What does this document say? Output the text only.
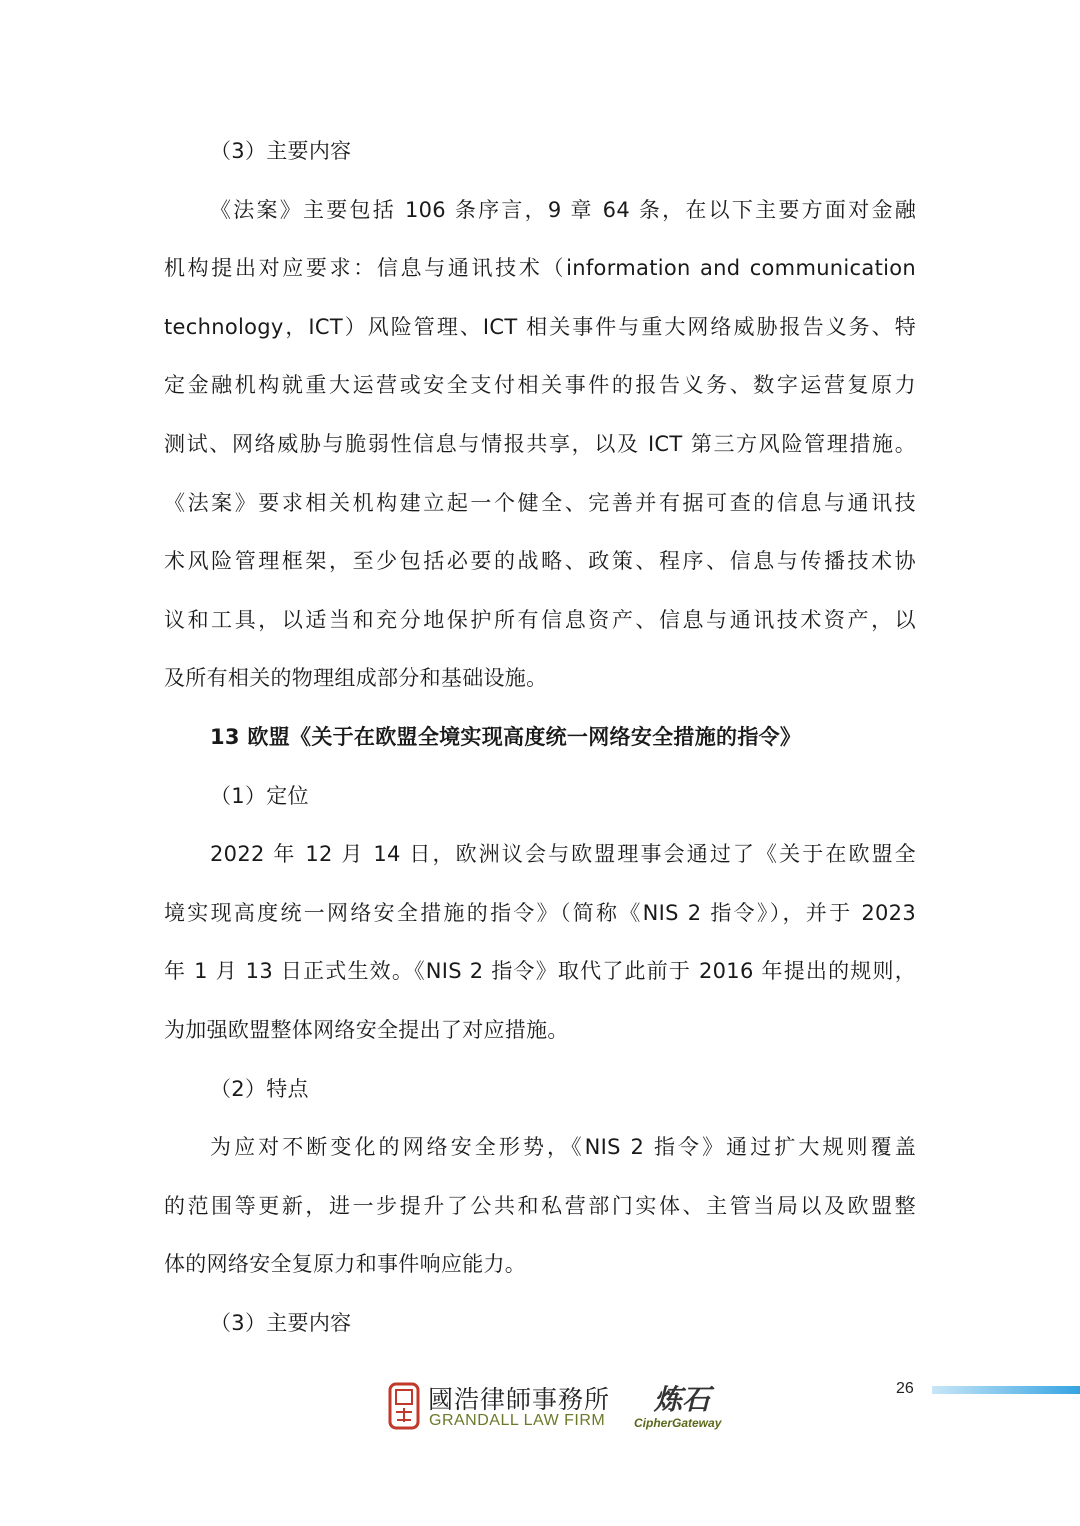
（3）主要内容
《法案》主要包括 106 条序言，9 章 64 条，在以下主要方面对金融
机构提出对应要求：信息与通讯技术（information and communication
technology，ICT）风险管理、ICT 相关事件与重大网络威胁报告义务、特
定金融机构就重大运营或安全支付相关事件的报告义务、数字运营复原力
测试、网络威胁与脆弱性信息与情报共享，以及 ICT 第三方风险管理措施。
《法案》要求相关机构建立起一个健全、完善并有据可查的信息与通讯技
术风险管理框架，至少包括必要的战略、政策、程序、信息与传播技术协
议和工具，以适当和充分地保护所有信息资产、信息与通讯技术资产，以
及所有相关的物理组成部分和基础设施。
13 欧盟《关于在欧盟全境实现高度统一网络安全措施的指令》
（1）定位
2022 年 12 月 14 日，欧洲议会与欧盟理事会通过了《关于在欧盟全
境实现高度统一网络安全措施的指令》（简称《NIS 2 指令》），并于 2023
年 1 月 13 日正式生效。《NIS 2 指令》取代了此前于 2016 年提出的规则，
为加强欧盟整体网络安全提出了对应措施。
（2）特点
为应对不断变化的网络安全形势，《NIS 2 指令》通过扩大规则覆盖
的范围等更新，进一步提升了公共和私营部门实体、主管当局以及欧盟整
体的网络安全复原力和事件响应能力。
（3）主要内容
國浩律師事務所
GRANDALL LAW FIRM
炼石
CipherGateway
26
